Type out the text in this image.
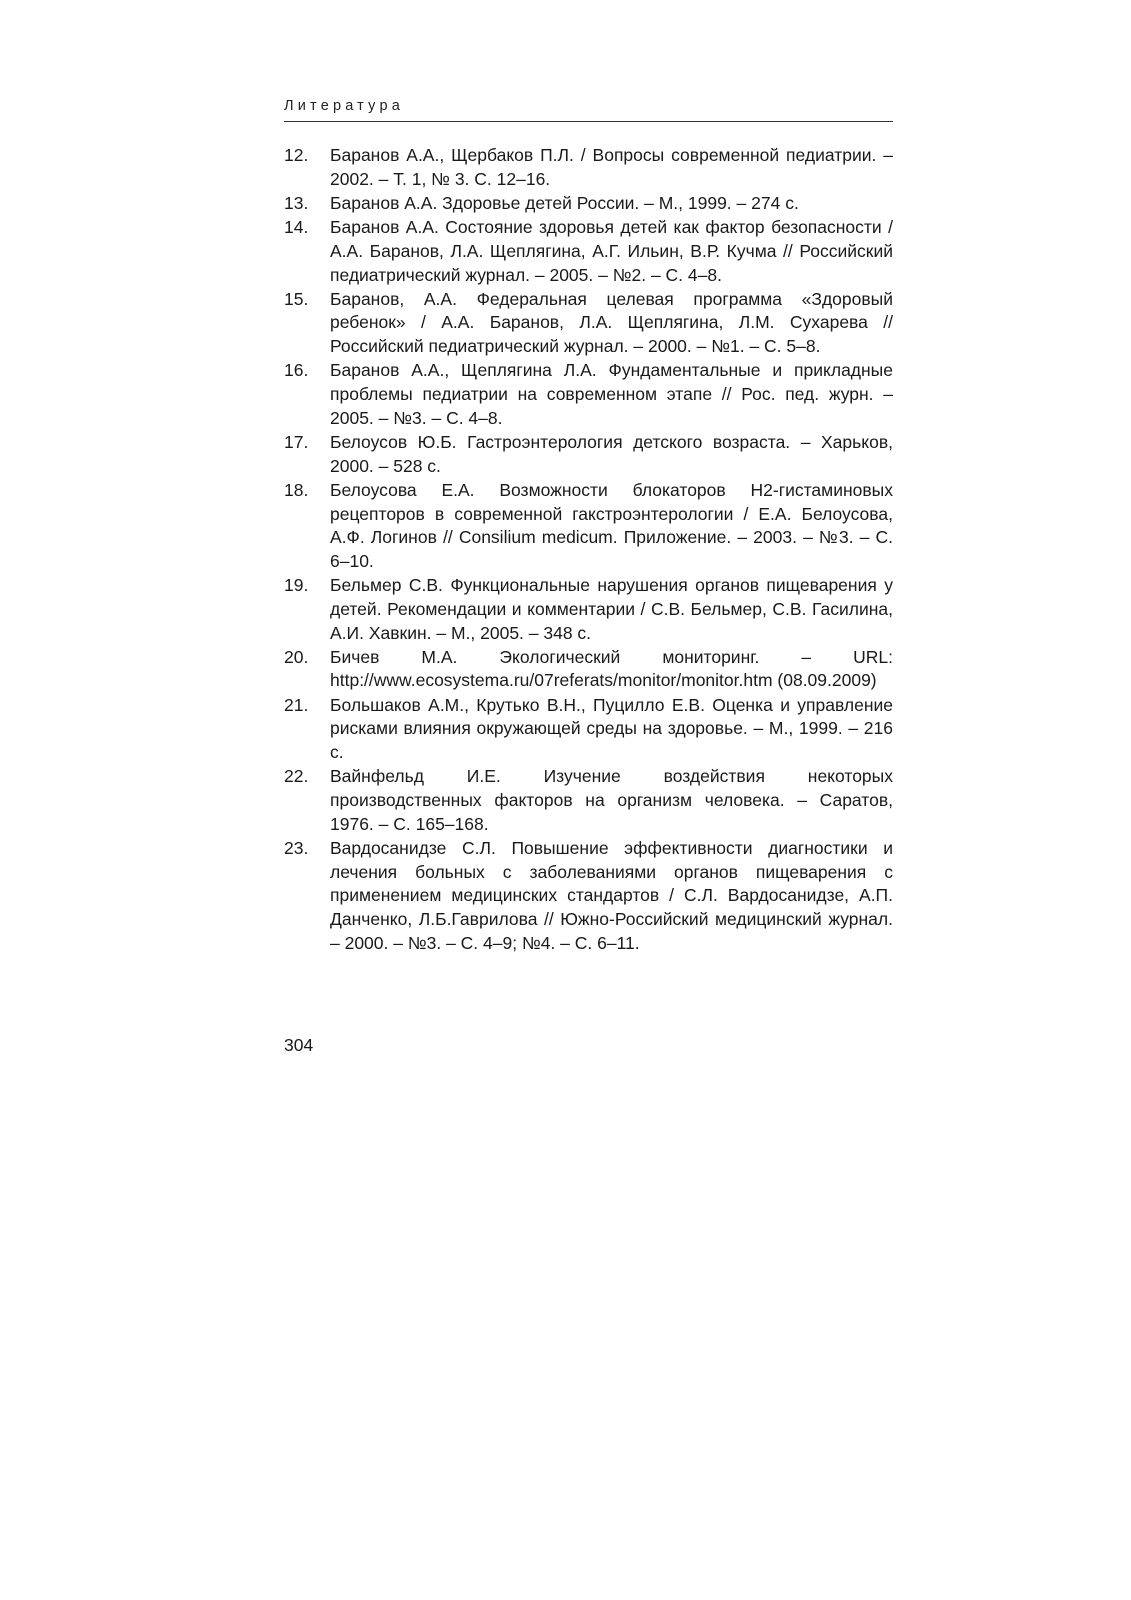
Литература
12.	Баранов А.А., Щербаков П.Л. / Вопросы современной педиатрии. – 2002. – Т. 1, № 3. С. 12–16.
13.	Баранов А.А. Здоровье детей России. – М., 1999. – 274 с.
14.	Баранов А.А. Состояние здоровья детей как фактор безопасности / А.А. Баранов, Л.А. Щеплягина, А.Г. Ильин, В.Р. Кучма // Российский педиатрический журнал. – 2005. – №2. – С. 4–8.
15.	Баранов, А.А. Федеральная целевая программа «Здоровый ребенок» / А.А. Баранов, Л.А. Щеплягина, Л.М. Сухарева // Российский педиатрический журнал. – 2000. – №1. – С. 5–8.
16.	Баранов А.А., Щеплягина Л.А. Фундаментальные и прикладные проблемы педиатрии на современном этапе // Рос. пед. журн. – 2005. – №3. – С. 4–8.
17.	Белоусов Ю.Б. Гастроэнтерология детского возраста. – Харьков, 2000. – 528 с.
18.	Белоусова Е.А. Возможности блокаторов Н2-гистаминовых рецепторов в современной гакстроэнтерологии / Е.А. Белоусова, А.Ф. Логинов // Consilium medicum. Приложение. – 2003. – №3. – С. 6–10.
19.	Бельмер С.В. Функциональные нарушения органов пищеварения у детей. Рекомендации и комментарии / С.В. Бельмер, С.В. Гасилина, А.И. Хавкин. – М., 2005. – 348 с.
20.	Бичев М.А. Экологический мониторинг. – URL: http://www.ecosystema.ru/07referats/monitor/monitor.htm (08.09.2009)
21.	Большаков А.М., Крутько В.Н., Пуцилло Е.В. Оценка и управление рисками влияния окружающей среды на здоровье. – М., 1999. – 216 с.
22.	Вайнфельд И.Е. Изучение воздействия некоторых производственных факторов на организм человека. – Саратов, 1976. – С. 165–168.
23.	Вардосанидзе С.Л. Повышение эффективности диагностики и лечения больных с заболеваниями органов пищеварения с применением медицинских стандартов / С.Л. Вардосанидзе, А.П. Данченко, Л.Б.Гаврилова // Южно-Российский медицинский журнал. – 2000. – №3. – С. 4–9; №4. – С. 6–11.
304
